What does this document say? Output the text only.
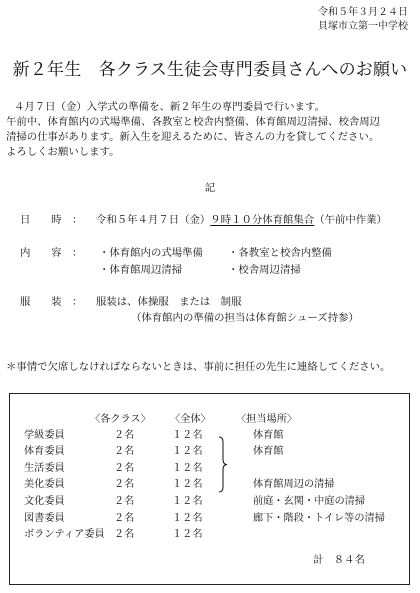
令和５年３月２４日
貝塚市立第一中学校
新２年生　各クラス生徒会専門委員さんへのお願い
４月７日（金）入学式の準備を、新２年生の専門委員で行います。
午前中、体育館内の式場準備、各教室と校舎内整備、体育館周辺清掃、校舎周辺
清掃の仕事があります。新入生を迎えるために、皆さんの力を貸してください。
よろしくお願いします。
記
日　　時　： 令和５年４月７日（金）９時１０分体育館集合（午前中作業）
内　　容　： ・体育館内の式場準備 ・各教室と校舎内整備
・体育館周辺清掃	・校舎周辺清掃
服　　装　： 服装は、体操服　または　制服
（体育館内の準備の担当は体育館シューズ持参）
＊事情で欠席しなければならないときは、事前に担任の先生に連絡してください。
〈各クラス〉 〈全体〉 〈担当場所〉
学級委員	２名	１２名	体育館
体育委員	２名	１２名	体育館
生活委員	２名	１２名
美化委員	２名	１２名	体育館周辺の清掃
文化委員	２名	１２名	前庭・玄関・中庭の清掃
図書委員	２名	１２名	廊下・階段・トイレ等の清掃
ボランティア委員 ２名	１２名
計　８４名
